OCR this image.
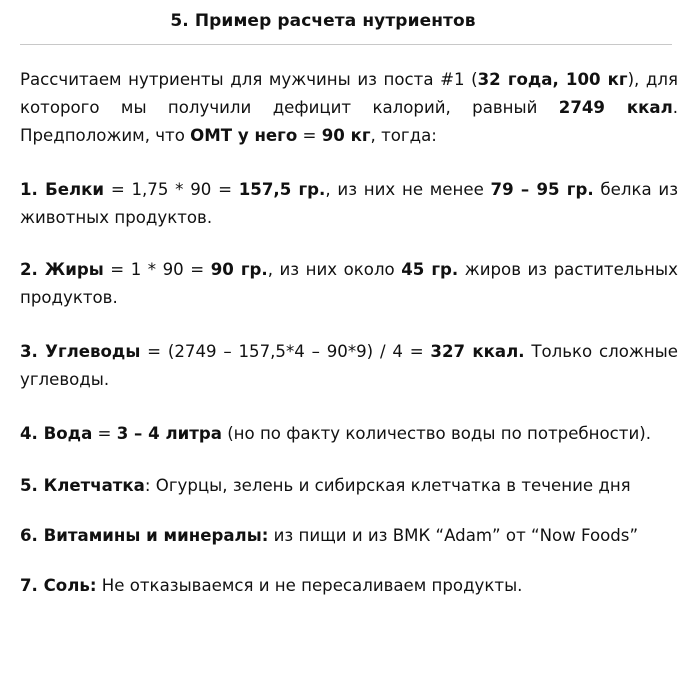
5. Пример расчета нутриентов

Рассчитаем нутриенты для мужчины из поста #1 (32 года, 100 кг), для которого мы получили дефицит калорий, равный 2749 ккал. Предположим, что ОМТ у него = 90 кг, тогда:

1. Белки = 1,75 * 90 = 157,5 гр., из них не менее 79 – 95 гр. белка из животных продуктов.

2. Жиры = 1 * 90 = 90 гр., из них около 45 гр. жиров из растительных продуктов.

3. Углеводы = (2749 – 157,5*4 – 90*9) / 4 = 327 ккал. Только сложные углеводы.

4. Вода = 3 – 4 литра (но по факту количество воды по потребности).

5. Клетчатка: Огурцы, зелень и сибирская клетчатка в течение дня

6. Витамины и минералы: из пищи и из ВМК “Adam” от “Now Foods”

7. Соль: Не отказываемся и не пересаливаем продукты.
